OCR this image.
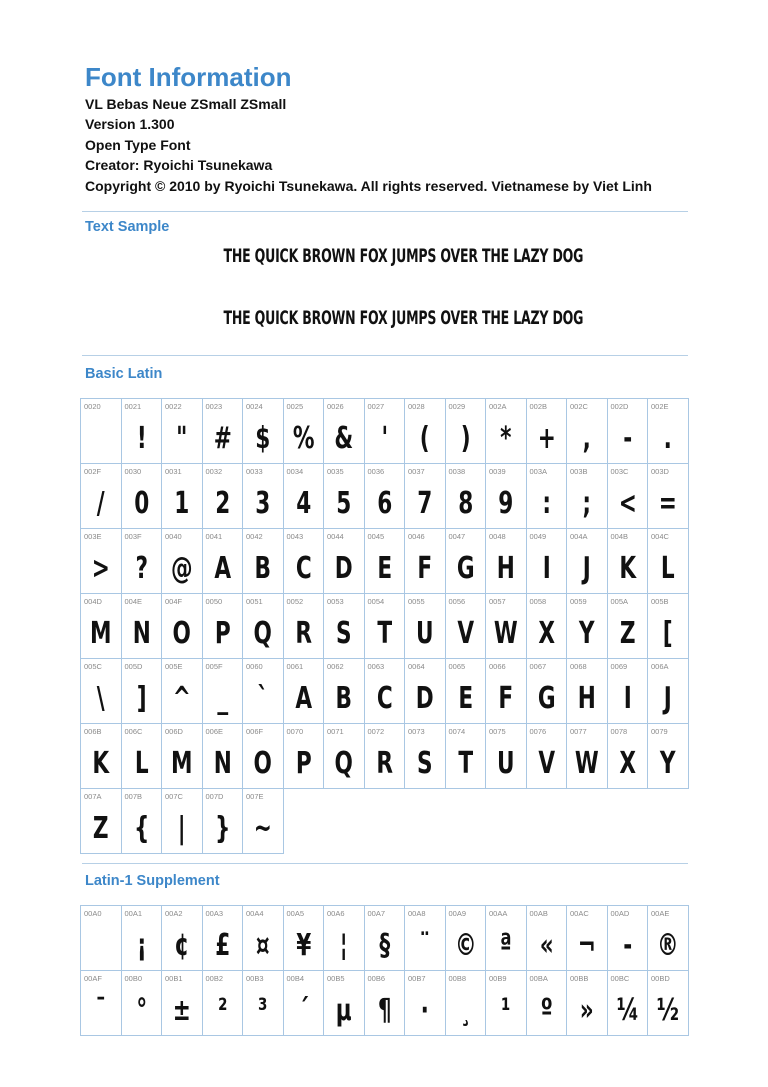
Font Information
VL Bebas Neue ZSmall ZSmall
Version 1.300
Open Type Font
Creator: Ryoichi Tsunekawa
Copyright © 2010 by Ryoichi Tsunekawa. All rights reserved. Vietnamese by Viet Linh
Text Sample
THE QUICK BROWN FOX JUMPS OVER THE LAZY DOG
THE QUICK BROWN FOX JUMPS OVER THE LAZY DOG
Basic Latin
0020	0021
!
0022
"
0023
#
0024
$
0025
%
0026
&
0027
'
0028
(
0029
)
002A
*
002B
+
002C
,
002D
-
002E
.
002F
/
0030
0
0031
1
0032
2
0033
3
0034
4
0035
5
0036
6
0037
7
0038
8
0039
9
003A
:
003B
;
003C
<
003D
=
003E
>
003F
?
0040
@
0041
A
0042
B
0043
C
0044
D
0045
E
0046
F
0047
G
0048
H
0049
I
004A
J
004B
K
004C
L
004D
M
004E
N
004F
O
0050
P
0051
Q
0052
R
0053
S
0054
T
0055
U
0056
V
0057
W
0058
X
0059
Y
005A
Z
005B
[
005C
\
005D
]
005E
^
005F
_
0060
`
0061
A
0062
B
0063
C
0064
D
0065
E
0066
F
0067
G
0068
H
0069
I
006A
J
006B
K
006C
L
006D
M
006E
N
006F
O
0070
P
0071
Q
0072
R
0073
S
0074
T
0075
U
0076
V
0077
W
0078
X
0079
Y
007A
Z
007B
{
007C
|
007D
}
007E
~
Latin-1 Supplement
00A0	00A1
¡
00A2
¢
00A3
£
00A4
¤
00A5
¥
00A6
¦
00A7
§
00A8
¨
00A9
©
00AA
ª
00AB
«
00AC
¬
00AD
-
00AE
®
00AF
¯
00B0
°
00B1
±
00B2
²
00B3
³
00B4
´
00B5
µ
00B6
¶
00B7
·
00B8
¸
00B9
¹
00BA
º
00BB
»
00BC
¼
00BD
½
